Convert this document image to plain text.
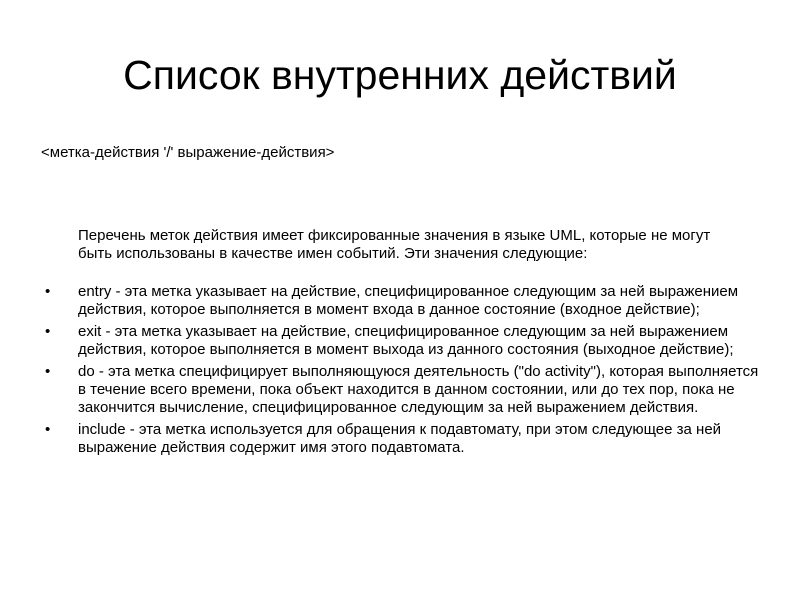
Список внутренних действий
<метка-действия '/' выражение-действия>
Перечень меток действия имеет фиксированные значения в языке UML, которые не могут быть использованы в качестве имен событий. Эти значения следующие:
• entry - эта метка указывает на действие, специфицированное следующим за ней выражением действия, которое выполняется в момент входа в данное состояние (входное действие);
• exit - эта метка указывает на действие, специфицированное следующим за ней выражением действия, которое выполняется в момент выхода из данного состояния (выходное действие);
• do - эта метка специфицирует выполняющуюся деятельность ("do activity"), которая выполняется в течение всего времени, пока объект находится в данном состоянии, или до тех пор, пока не закончится вычисление, специфицированное следующим за ней выражением действия.
• include - эта метка используется для обращения к подавтомату, при этом следующее за ней выражение действия содержит имя этого подавтомата.
